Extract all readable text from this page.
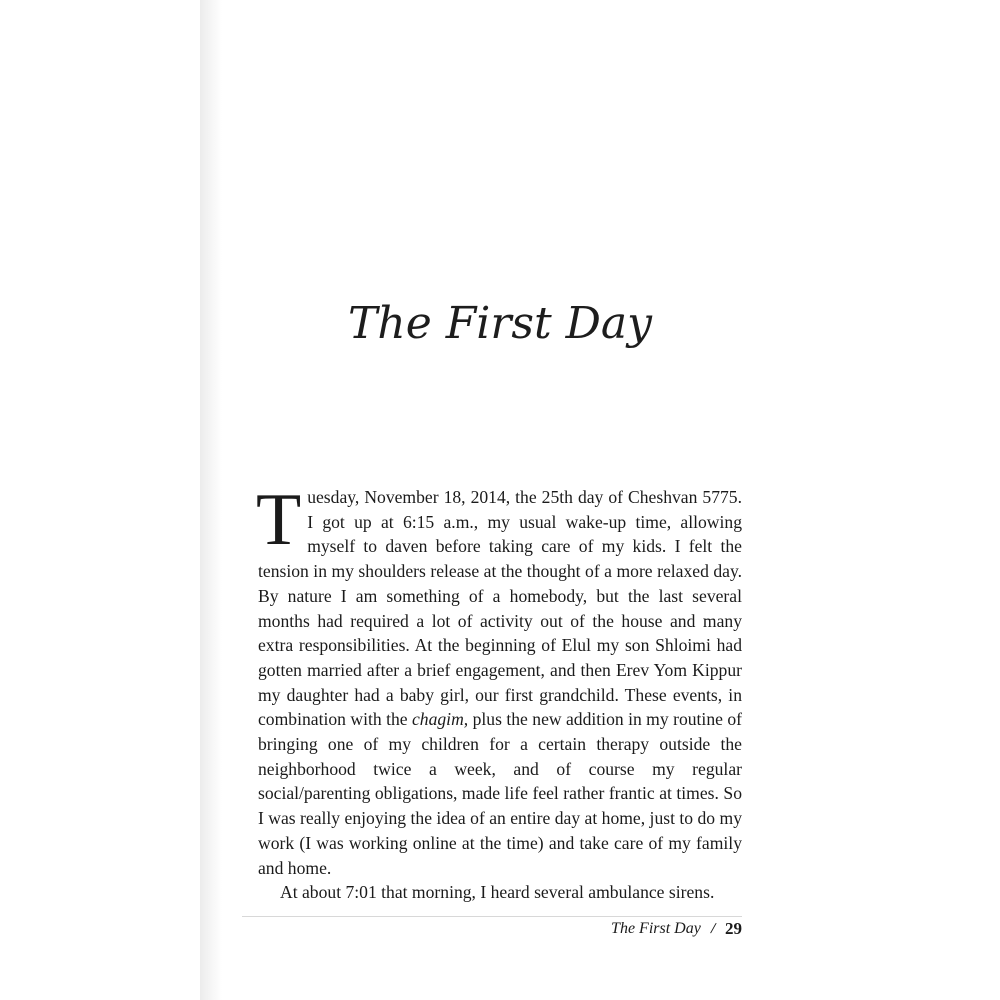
The First Day

Tuesday, November 18, 2014, the 25th day of Cheshvan 5775. I got up at 6:15 a.m., my usual wake-up time, allowing myself to daven before taking care of my kids. I felt the tension in my shoulders release at the thought of a more relaxed day. By nature I am something of a homebody, but the last several months had required a lot of activity out of the house and many extra responsibilities. At the beginning of Elul my son Shloimi had gotten married after a brief engagement, and then Erev Yom Kippur my daughter had a baby girl, our first grandchild. These events, in combination with the chagim, plus the new addition in my routine of bringing one of my children for a certain therapy outside the neighborhood twice a week, and of course my regular social/parenting obligations, made life feel rather frantic at times. So I was really enjoying the idea of an entire day at home, just to do my work (I was working online at the time) and take care of my family and home.

At about 7:01 that morning, I heard several ambulance sirens.

The First Day / 29
